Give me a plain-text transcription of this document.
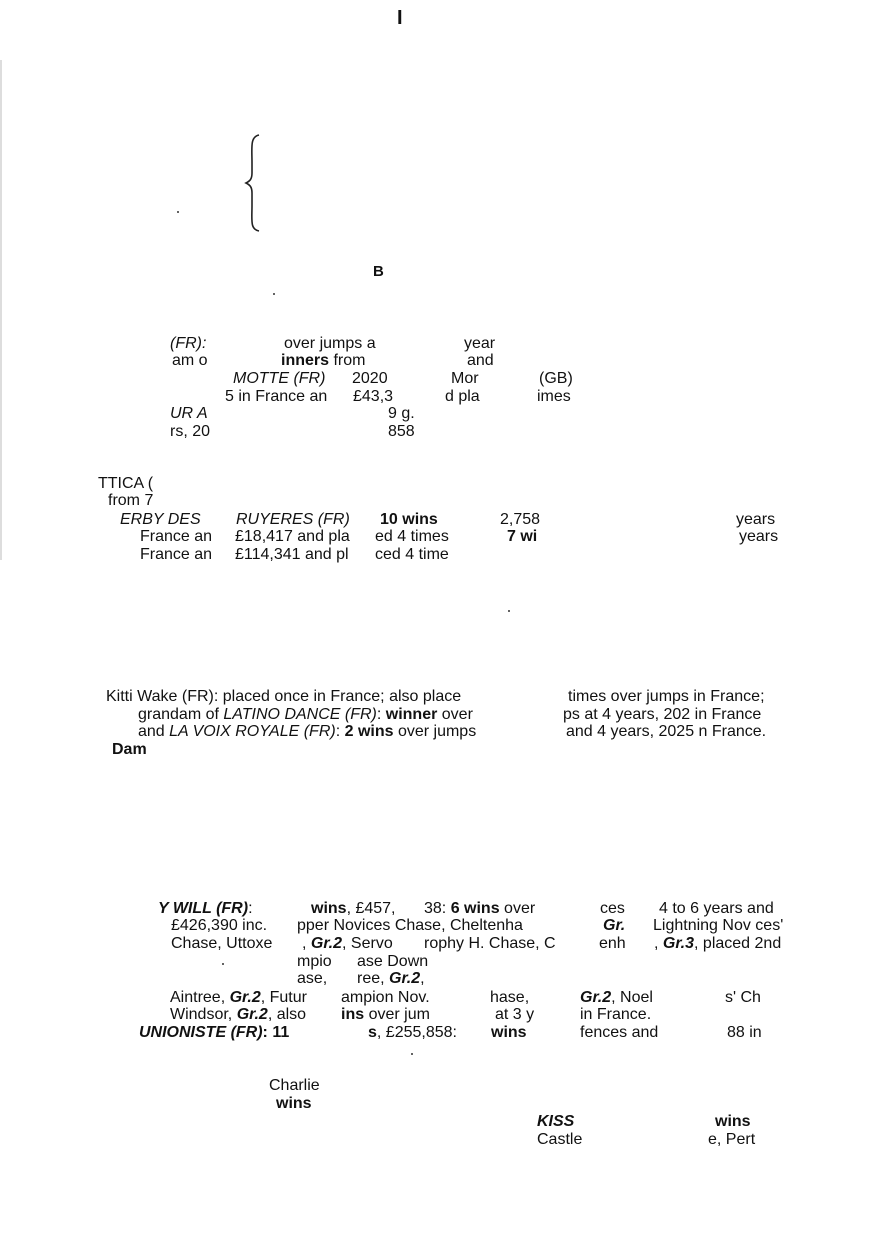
I
B
(FR):	over jumps a	year
am o	inners from	and
MOTTE (FR) 2020	Mor	(GB)
5 in France an £43,3	d pla	imes
UR A	9 g.
rs, 20	858
TTICA (
from 7
ERBY DES RUYERES (FR) 10 wins	2,758	years
France an £18,417 and pla ed 4 times	7 wi	years
France an £114,341 and pl ced 4 time
Kitti Wake (FR): placed once in France; also place	times over jumps in France;
grandam of LATINO DANCE (FR): winner over	ps at 4 years, 202 in France
and LA VOIX ROYALE (FR): 2 wins over jumps	and 4 years, 2025 n France.
Dam
Y WILL (FR):	wins, £457, 38: 6 wins over	ces 4 to 6 years and
£426,390 inc. pper Novices Chase, Cheltenha	Gr. Lightning Nov ces'
Chase, Uttoxe , Gr.2, Servo rophy H. Chase, C	enh , Gr.3, placed 2nd
mpio ase Down
ase, ree, Gr.2,
Aintree, Gr.2, Futur ampion Nov.	hase,	Gr.2, Noel	s' Ch
Windsor, Gr.2, also ins over jum	at 3 y	in France.
UNIONISTE (FR): 11	s, £255,858: wins	fences and	88 in
Charlie
wins
KISS	wins
Castle	e, Pert
